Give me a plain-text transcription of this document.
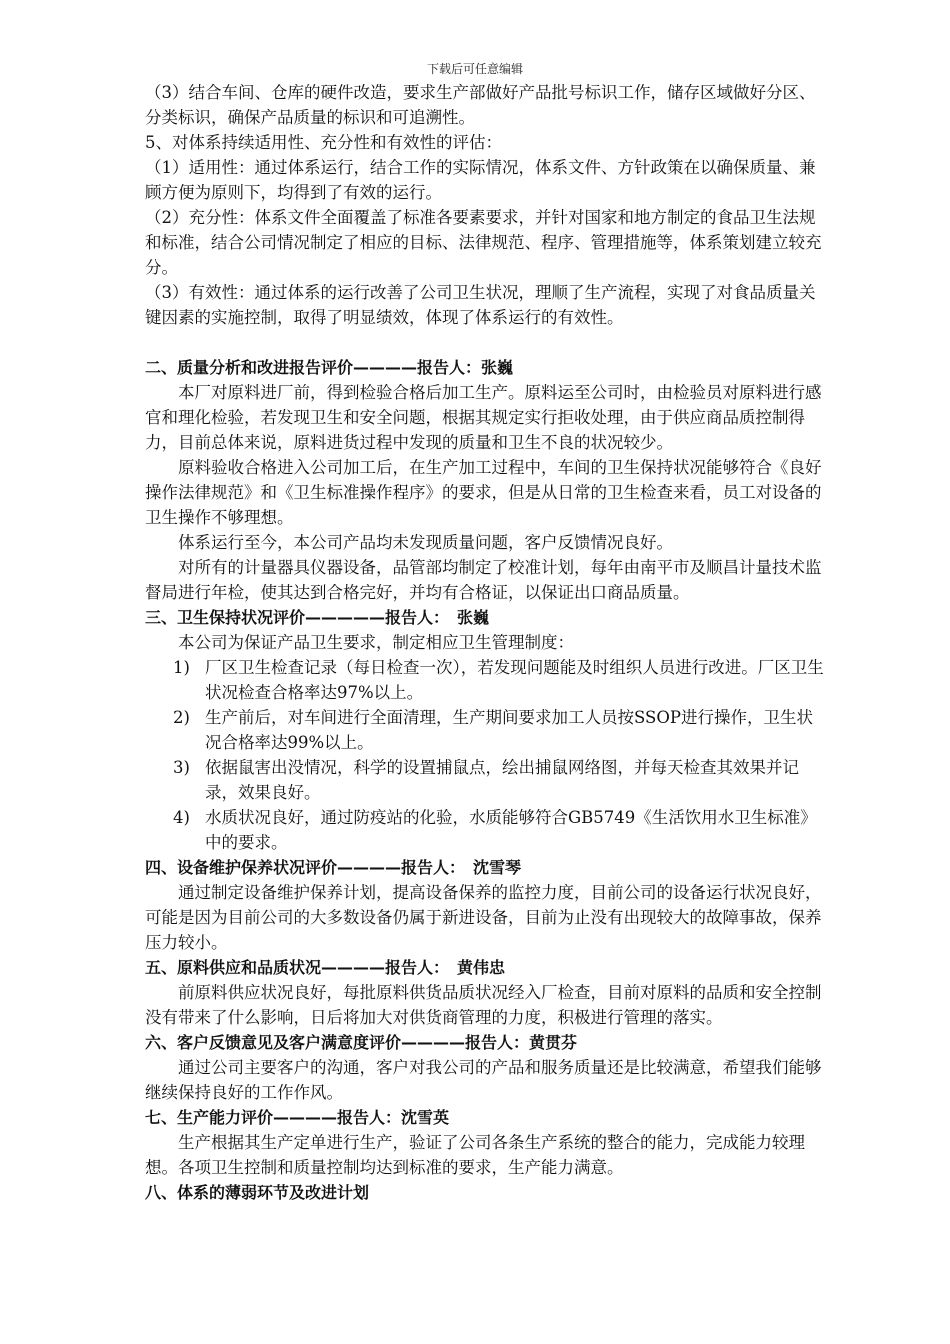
下载后可任意编辑

（3）结合车间、仓库的硬件改造，要求生产部做好产品批号标识工作，储存区域做好分区、分类标识，确保产品质量的标识和可追溯性。

5、对体系持续适用性、充分性和有效性的评估：

（1）适用性：通过体系运行，结合工作的实际情况，体系文件、方针政策在以确保质量、兼顾方便为原则下，均得到了有效的运行。

（2）充分性：体系文件全面覆盖了标准各要素要求，并针对国家和地方制定的食品卫生法规和标准，结合公司情况制定了相应的目标、法律规范、程序、管理措施等，体系策划建立较充分。

（3）有效性：通过体系的运行改善了公司卫生状况，理顺了生产流程，实现了对食品质量关键因素的实施控制，取得了明显绩效，体现了体系运行的有效性。

二、质量分析和改进报告评价————报告人：张巍

本厂对原料进厂前，得到检验合格后加工生产。原料运至公司时，由检验员对原料进行感官和理化检验，若发现卫生和安全问题，根据其规定实行拒收处理，由于供应商品质控制得力，目前总体来说，原料进货过程中发现的质量和卫生不良的状况较少。

原料验收合格进入公司加工后，在生产加工过程中，车间的卫生保持状况能够符合《良好操作法律规范》和《卫生标准操作程序》的要求，但是从日常的卫生检查来看，员工对设备的卫生操作不够理想。

体系运行至今，本公司产品均未发现质量问题，客户反馈情况良好。

对所有的计量器具仪器设备，品管部均制定了校准计划，每年由南平市及顺昌计量技术监督局进行年检，使其达到合格完好，并均有合格证，以保证出口商品质量。

三、卫生保持状况评价—————报告人：　张巍

本公司为保证产品卫生要求，制定相应卫生管理制度：

1) 厂区卫生检查记录（每日检查一次），若发现问题能及时组织人员进行改进。厂区卫生状况检查合格率达97%以上。
2) 生产前后，对车间进行全面清理，生产期间要求加工人员按SSOP进行操作，卫生状况合格率达99%以上。
3) 依据鼠害出没情况，科学的设置捕鼠点，绘出捕鼠网络图，并每天检查其效果并记录，效果良好。
4) 水质状况良好，通过防疫站的化验，水质能够符合GB5749《生活饮用水卫生标准》中的要求。

四、设备维护保养状况评价————报告人：　沈雪琴

通过制定设备维护保养计划，提高设备保养的监控力度，目前公司的设备运行状况良好，可能是因为目前公司的大多数设备仍属于新进设备，目前为止没有出现较大的故障事故，保养压力较小。

五、原料供应和品质状况————报告人：　黄伟忠

前原料供应状况良好，每批原料供货品质状况经入厂检查，目前对原料的品质和安全控制没有带来了什么影响，日后将加大对供货商管理的力度，积极进行管理的落实。

六、客户反馈意见及客户满意度评价————报告人：黄贯芬

通过公司主要客户的沟通，客户对我公司的产品和服务质量还是比较满意，希望我们能够继续保持良好的工作作风。

七、生产能力评价————报告人：沈雪英

生产根据其生产定单进行生产，验证了公司各条生产系统的整合的能力，完成能力较理想。各项卫生控制和质量控制均达到标准的要求，生产能力满意。

八、体系的薄弱环节及改进计划
